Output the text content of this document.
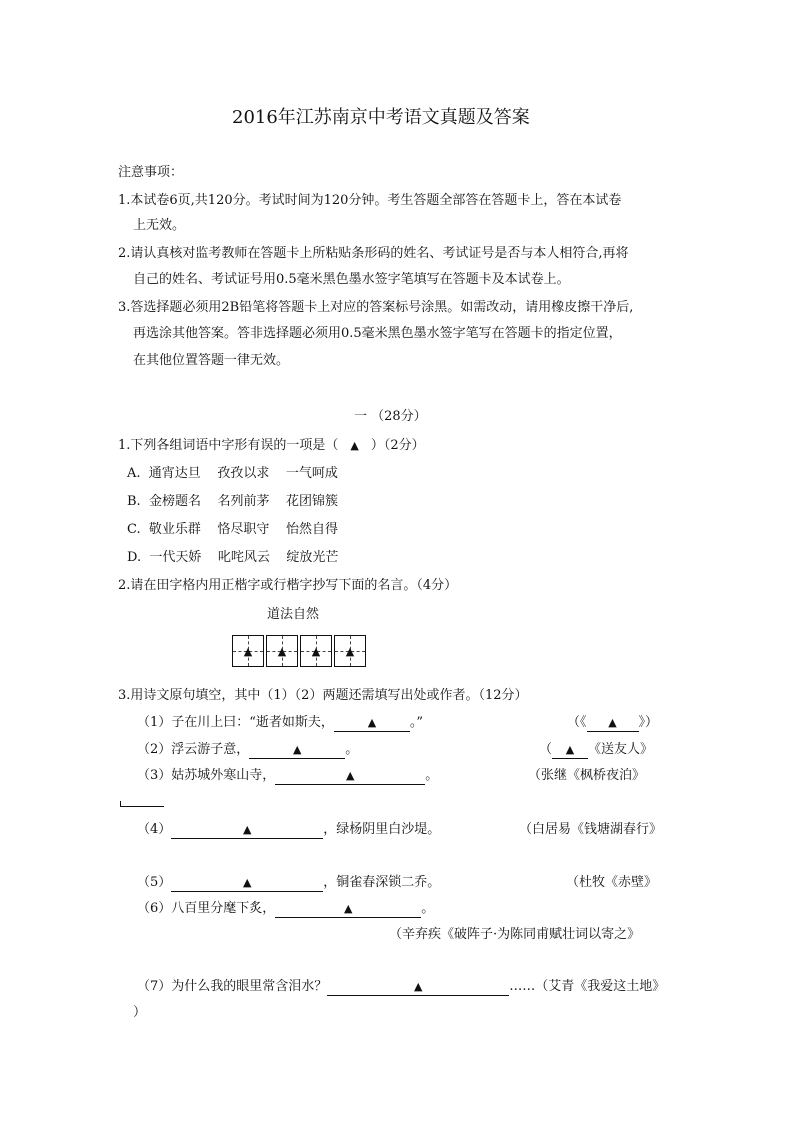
2016年江苏南京中考语文真题及答案
注意事项：
1.本试卷6页,共120分。考试时间为120分钟。考生答题全部答在答题卡上，答在本试卷
上无效。
2.请认真核对监考教师在答题卡上所粘贴条形码的姓名、考试证号是否与本人相符合,再将
自己的姓名、考试证号用0.5毫米黑色墨水签字笔填写在答题卡及本试卷上。
3.答选择题必须用2B铅笔将答题卡上对应的答案标号涂黑。如需改动，请用橡皮擦干净后,
再选涂其他答案。答非选择题必须用0.5毫米黑色墨水签字笔写在答题卡的指定位置，
在其他位置答题一律无效。
一 （28分）
1.下列各组词语中字形有误的一项是（ ▲ ）（2分）
A.  通宵达旦    孜孜以求    一气呵成
B.  金榜题名    名列前茅    花团锦簇
C.  敬业乐群    恪尽职守    怡然自得
D.  一代天娇    叱咤风云    绽放光芒
2.请在田字格内用正楷字或行楷字抄写下面的名言。（4分）
道法自然
▲ ▲ ▲ ▲
3.用诗文原句填空，其中（1）（2）两题还需填写出处或作者。（12分）
（1）子在川上曰：“逝者如斯夫，	▲	。”	（《 ▲ 》）
（2）浮云游子意，	▲	。	（ ▲ 《送友人》
（3）姑苏城外寒山寺，	▲	。	（张继《枫桥夜泊》
（4）	▲	，绿杨阴里白沙堤。	（白居易《钱塘湖春行》
（5）	▲	，铜雀春深锁二乔。	（杜牧《赤壁》
（6）八百里分麾下炙，	▲	。
（辛弃疾《破阵子·为陈同甫赋壮词以寄之》
（7）为什么我的眼里常含泪水？	▲	……（艾青《我爱这土地》
）
